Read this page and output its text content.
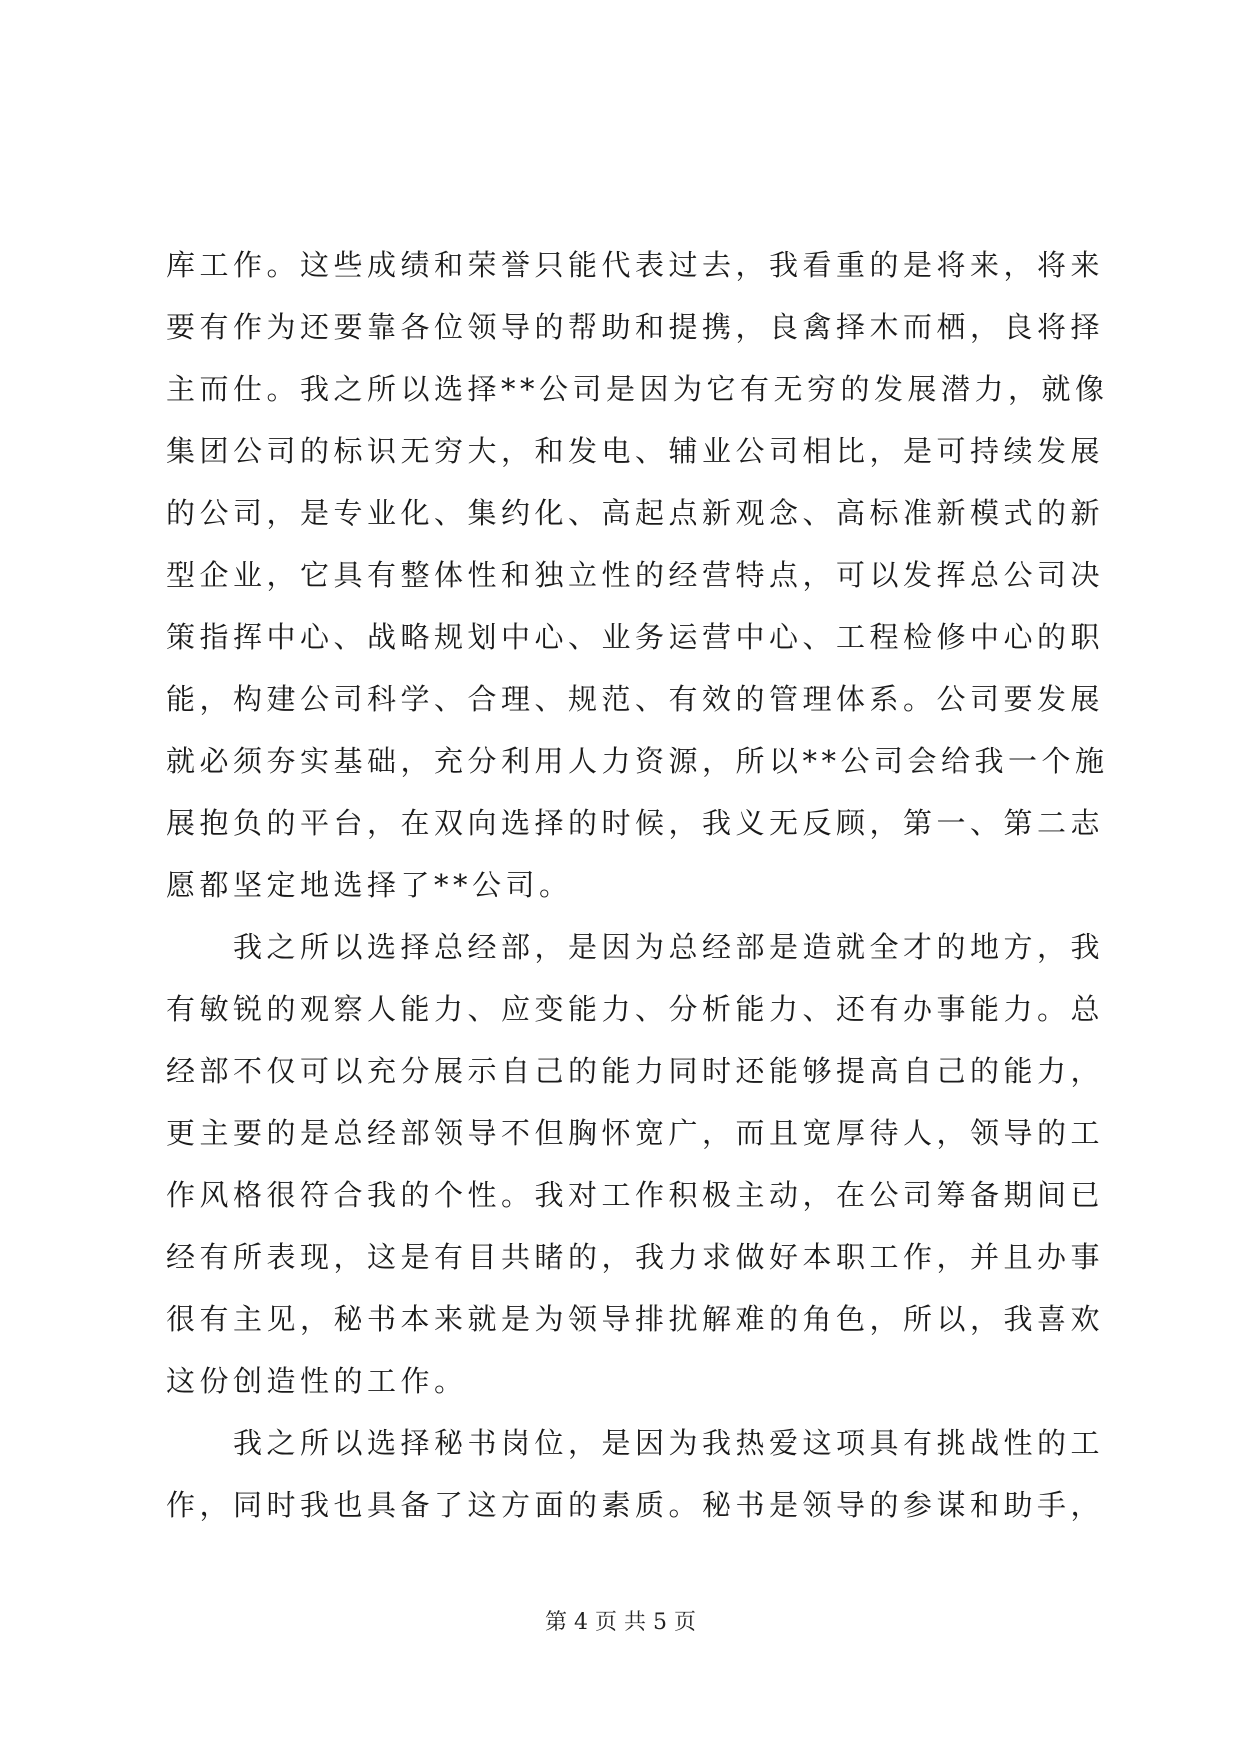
库工作。这些成绩和荣誉只能代表过去，我看重的是将来，将来
要有作为还要靠各位领导的帮助和提携，良禽择木而栖，良将择
主而仕。我之所以选择**公司是因为它有无穷的发展潜力，就像
集团公司的标识无穷大，和发电、辅业公司相比，是可持续发展
的公司，是专业化、集约化、高起点新观念、高标准新模式的新
型企业，它具有整体性和独立性的经营特点，可以发挥总公司决
策指挥中心、战略规划中心、业务运营中心、工程检修中心的职
能，构建公司科学、合理、规范、有效的管理体系。公司要发展
就必须夯实基础，充分利用人力资源，所以**公司会给我一个施
展抱负的平台，在双向选择的时候，我义无反顾，第一、第二志
愿都坚定地选择了**公司。
　　我之所以选择总经部，是因为总经部是造就全才的地方，我
有敏锐的观察人能力、应变能力、分析能力、还有办事能力。总
经部不仅可以充分展示自己的能力同时还能够提高自己的能力，
更主要的是总经部领导不但胸怀宽广，而且宽厚待人，领导的工
作风格很符合我的个性。我对工作积极主动，在公司筹备期间已
经有所表现，这是有目共睹的，我力求做好本职工作，并且办事
很有主见，秘书本来就是为领导排扰解难的角色，所以，我喜欢
这份创造性的工作。
　　我之所以选择秘书岗位，是因为我热爱这项具有挑战性的工
作，同时我也具备了这方面的素质。秘书是领导的参谋和助手，
第 4 页 共 5 页
